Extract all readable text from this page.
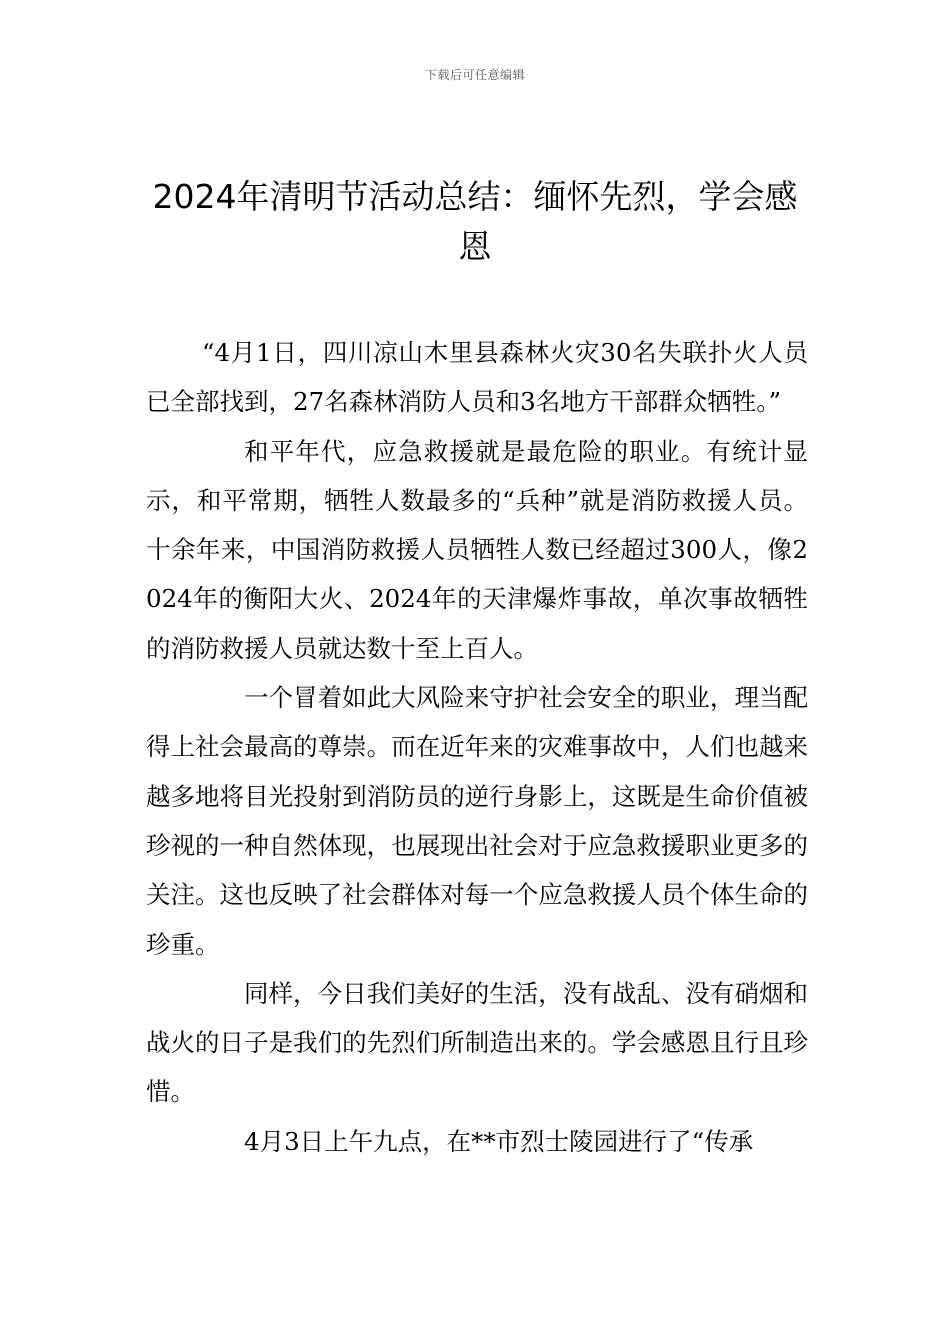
下载后可任意编辑
2024年清明节活动总结：缅怀先烈，学会感恩

“4月1日，四川凉山木里县森林火灾30名失联扑火人员已全部找到，27名森林消防人员和3名地方干部群众牺牲。”

和平年代，应急救援就是最危险的职业。有统计显示，和平常期，牺牲人数最多的“兵种”就是消防救援人员。十余年来，中国消防救援人员牺牲人数已经超过300人，像2024年的衡阳大火、2024年的天津爆炸事故，单次事故牺牲的消防救援人员就达数十至上百人。

一个冒着如此大风险来守护社会安全的职业，理当配得上社会最高的尊崇。而在近年来的灾难事故中，人们也越来越多地将目光投射到消防员的逆行身影上，这既是生命价值被珍视的一种自然体现，也展现出社会对于应急救援职业更多的关注。这也反映了社会群体对每一个应急救援人员个体生命的珍重。

同样，今日我们美好的生活，没有战乱、没有硝烟和战火的日子是我们的先烈们所制造出来的。学会感恩且行且珍惜。

4月3日上午九点，在**市烈士陵园进行了“传承
